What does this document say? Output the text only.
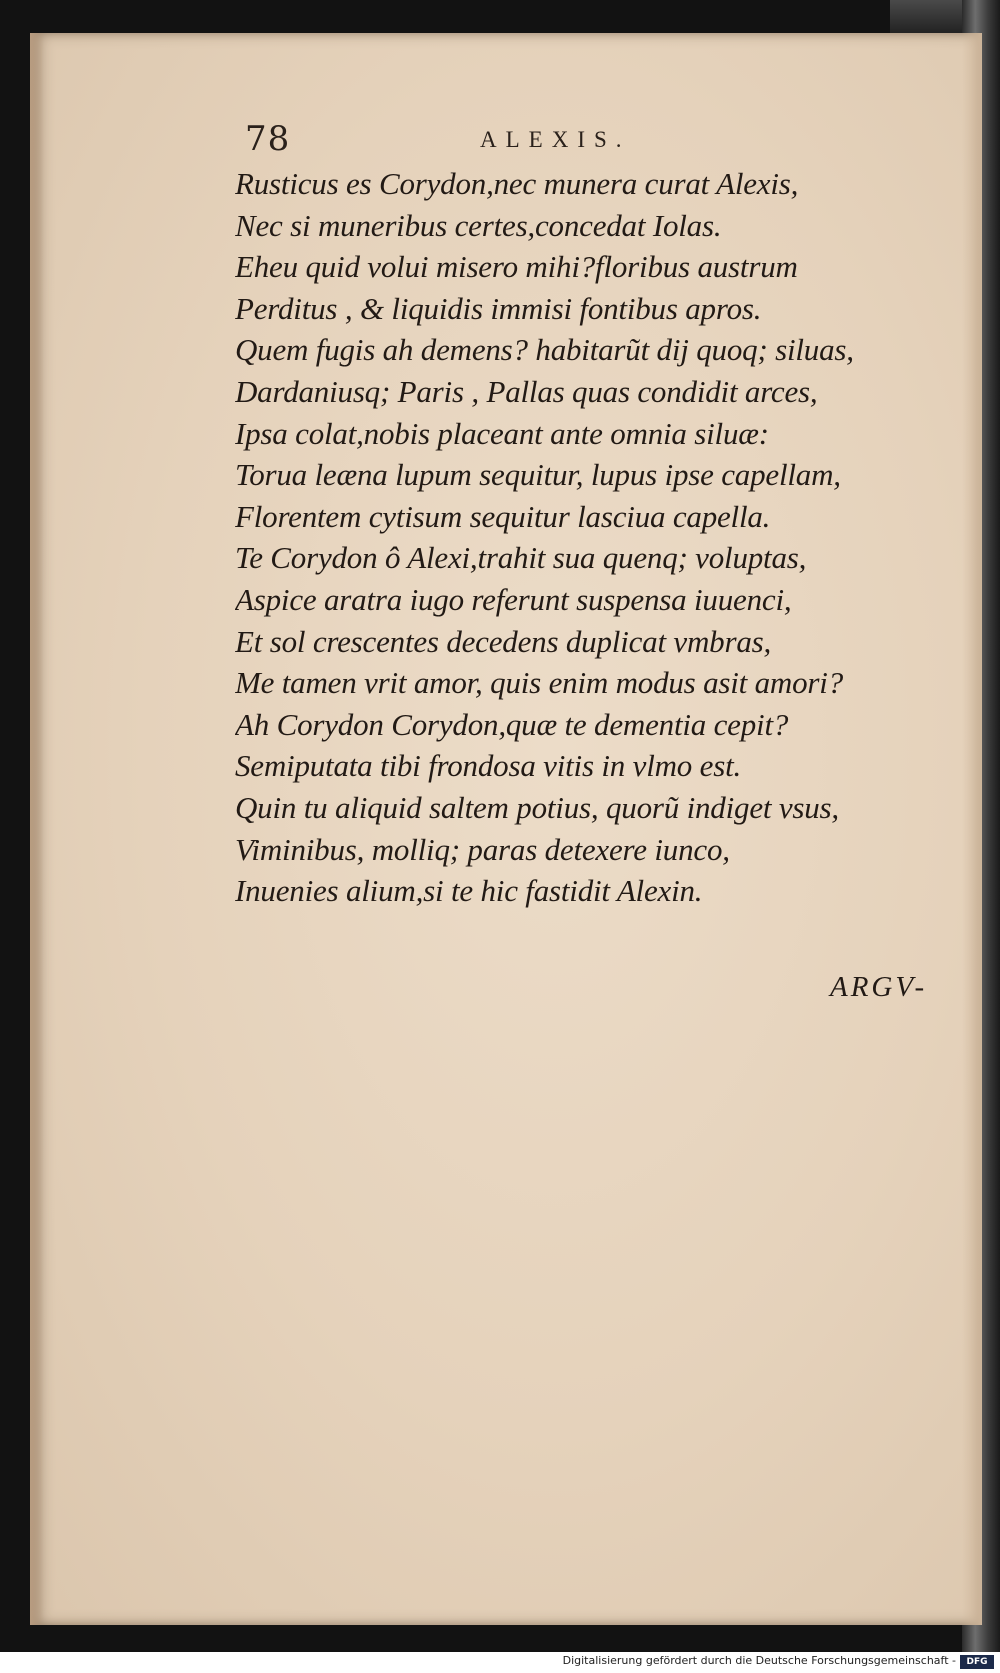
78	ALEXIS.
Rusticus es Corydon,nec munera curat Alexis,
Nec si muneribus certes,concedat Iolas.
Eheu quid volui misero mihi?floribus austrum
Perditus , & liquidis immisi fontibus apros.
Quem fugis ah demens? habitarũt dij quoq; siluas,
Dardaniusq; Paris , Pallas quas condidit arces,
Ipsa colat,nobis placeant ante omnia siluæ:
Torua leæna lupum sequitur, lupus ipse capellam,
Florentem cytisum sequitur lasciua capella.
Te Corydon ô Alexi,trahit sua quenq; voluptas,
Aspice aratra iugo referunt suspensa iuuenci,
Et sol crescentes decedens duplicat vmbras,
Me tamen vrit amor, quis enim modus asit amori?
Ah Corydon Corydon,quæ te dementia cepit?
Semiputata tibi frondosa vitis in vlmo est.
Quin tu aliquid saltem potius, quorũ indiget vsus,
Viminibus, molliq; paras detexere iunco,
Inuenies alium,si te hic fastidit Alexin.
ARGV-
Digitalisierung gefördert durch die Deutsche Forschungsgemeinschaft -	DFG
